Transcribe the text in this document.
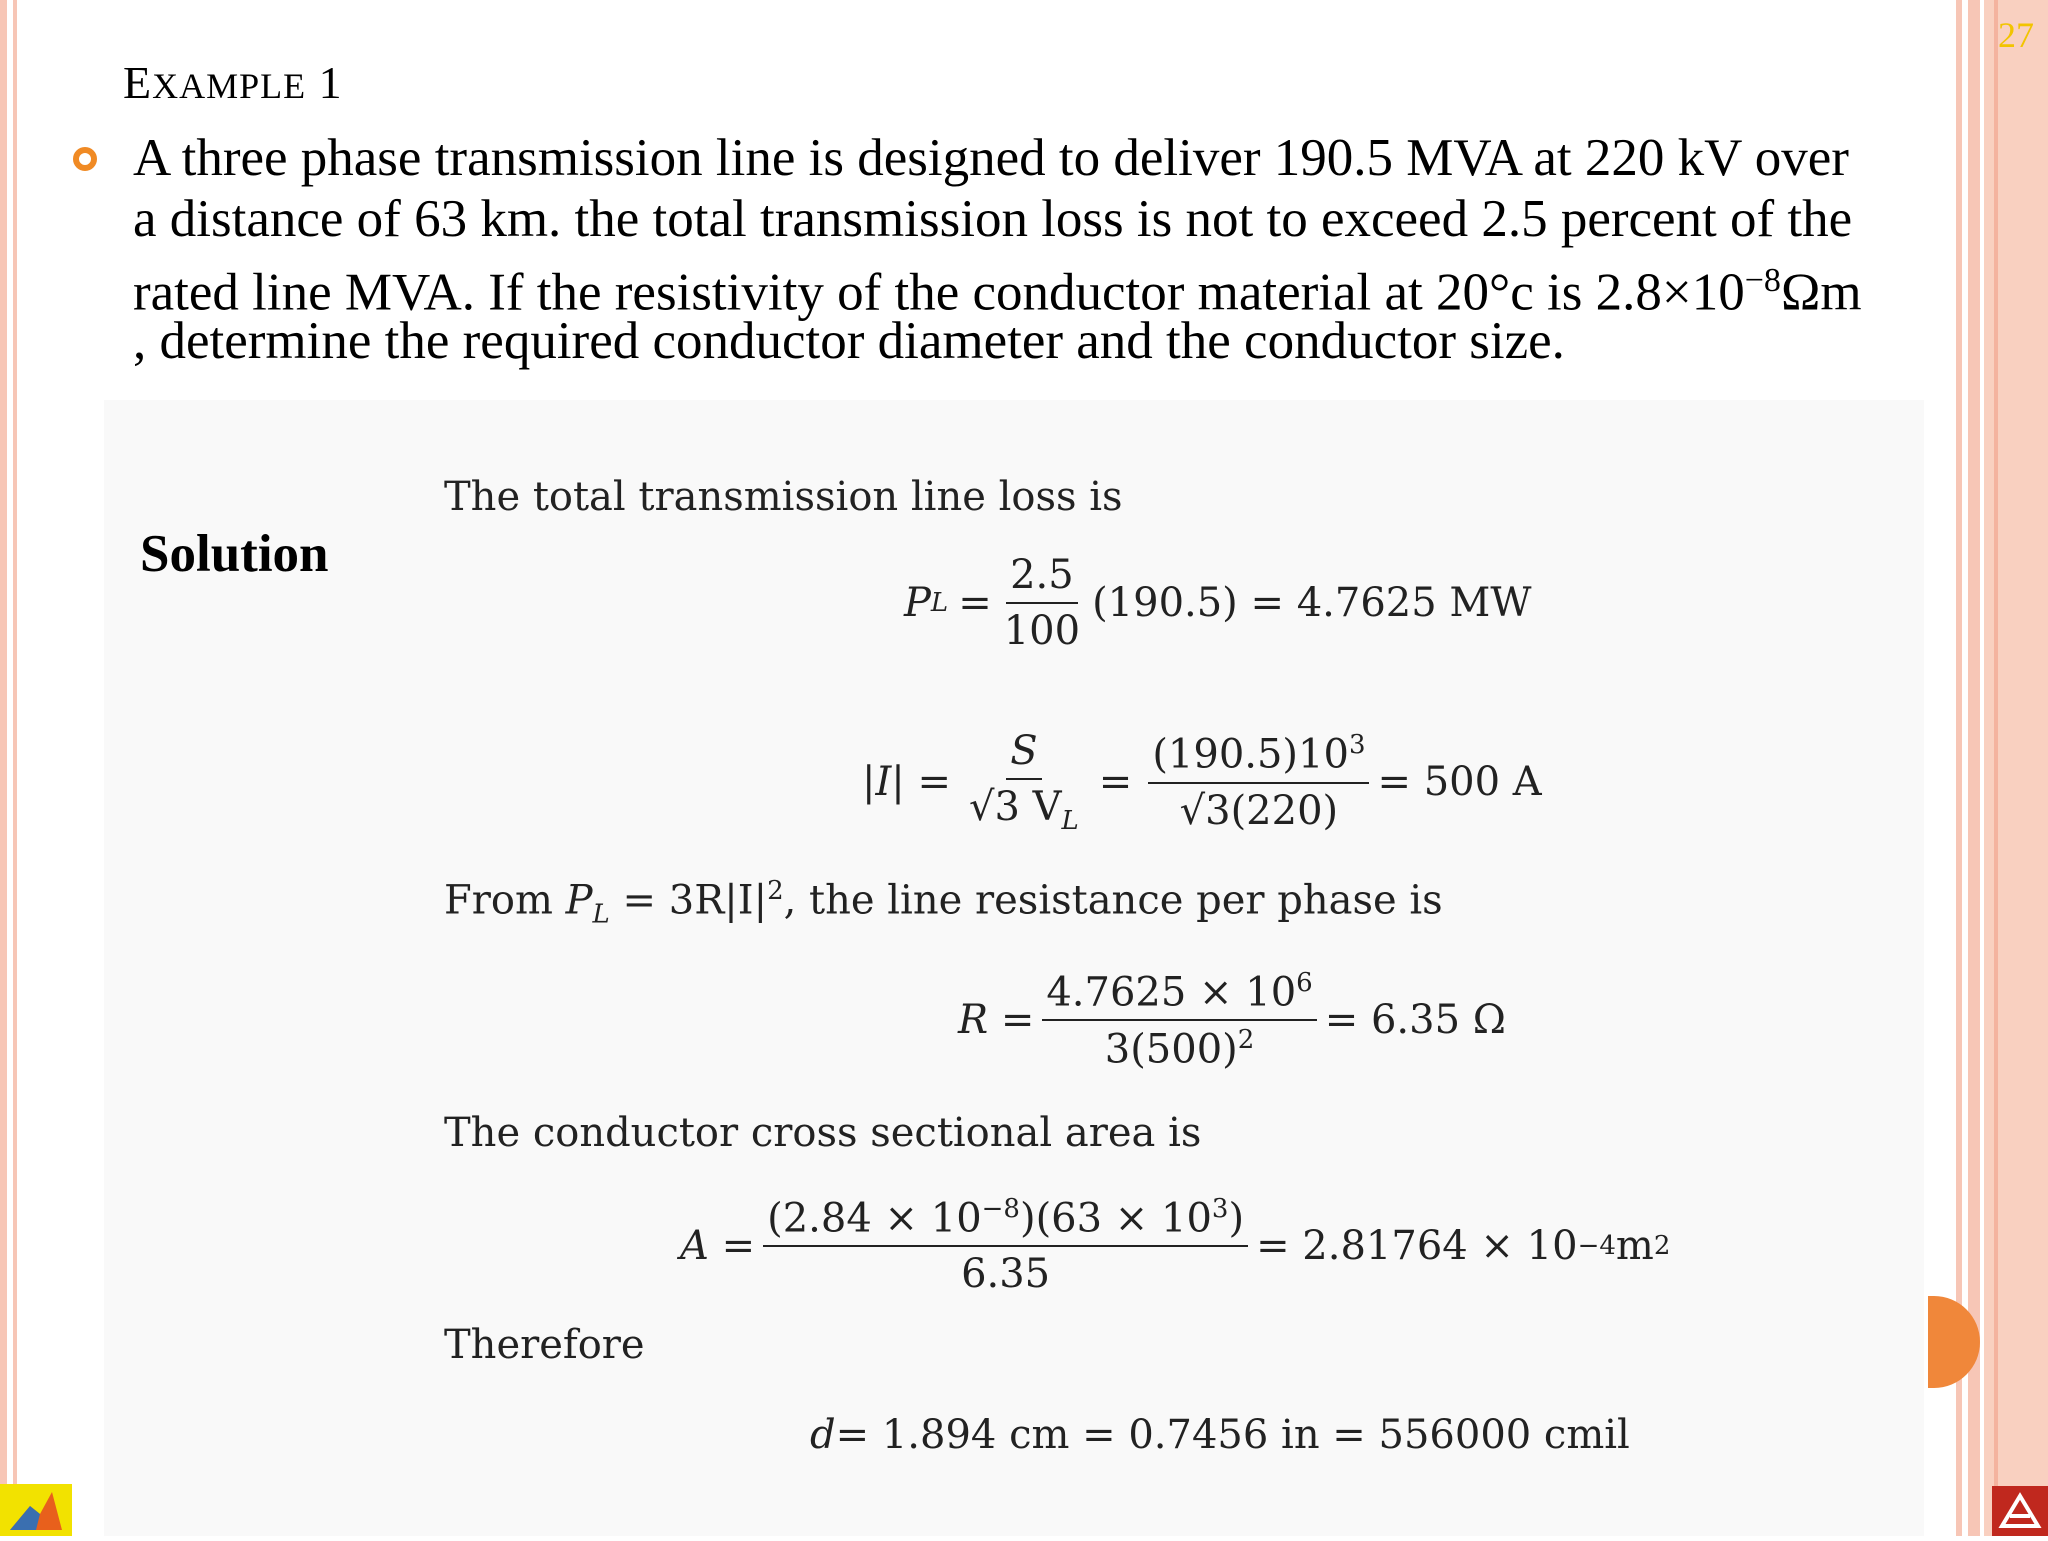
27
EXAMPLE 1
A three phase transmission line is designed to deliver 190.5 MVA at 220 kV over
a distance of 63 km. the total transmission loss is not to exceed 2.5 percent of the
rated line MVA. If the resistivity of the conductor material at 20°c is $2.8\times 10^{-8}\Omega m$
, determine the required conductor diameter and the conductor size.
Solution
The total transmission line loss is
P $L = \frac{2.5}{100} (190.5) = 4.7625$ MW
$|I| = \frac{S}{√3 V_L} = \frac{(190.5)10^3}{√3(220)} = 500$ A
From $P_L = 3R|I|^2$, the line resistance per phase is
$R = \frac{4.7625 \times 10^6}{3(500)^2} = 6.35$ Ω
The conductor cross sectional area is
$A = \frac{(2.84 \times 10^{-8})(63 \times 10^3)}{6.35} = 2.81764 \times 10 -4$ m 2
Therefore
d = 1.894 cm = 0.7456 in = 556000 cmil
